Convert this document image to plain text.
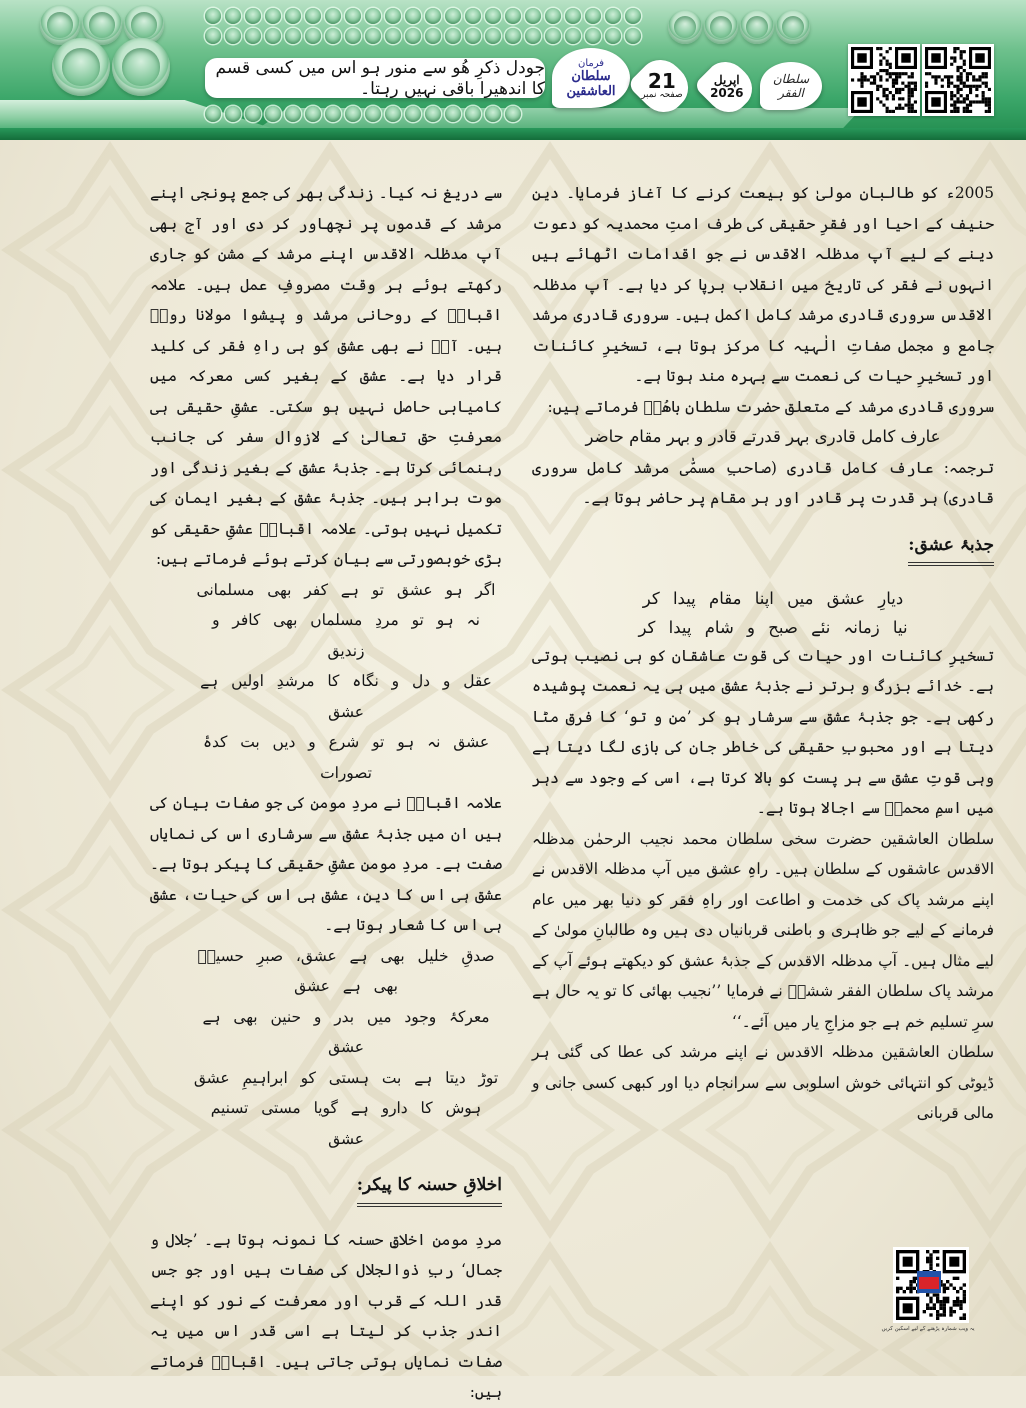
جودل ذکرِ ھُو سے منور ہو اس میں کسی قسم کا اندھیرا باقی نہیں رہتا۔
فرمان
سلطان العاشقین	21
صفحہ نمبر
اپریل
2026
سلطان الفقر

2005ء کو طالبانِ مولیٰ کو بیعت کرنے کا آغاز فرمایا۔ دینِ حنیف کے احیا اور فقرِ حقیقی کی طرف امتِ محمدیہ کو دعوت دینے کے لیے آپ مدظلہ الاقدس نے جو اقدامات اٹھائے ہیں انہوں نے فقر کی تاریخ میں انقلاب برپا کر دیا ہے۔ آپ مدظلہ الاقدس سروری قادری مرشد کامل اکمل ہیں۔ سروری قادری مرشد جامع و مجمل صفاتِ الٰہیہ کا مرکز ہوتا ہے، تسخیرِ کائنات اور تسخیرِ حیات کی نعمت سے بہرہ مند ہوتا ہے۔

سروری قادری مرشد کے متعلق حضرت سلطان باھُوؒ فرماتے ہیں:

عارف کامل قادری بہر قدرتے قادر و بہر مقام حاضر

ترجمہ: عارف کامل قادری (صاحبِ مسمّٰی مرشد کامل سروری قادری) ہر قدرت پر قادر اور ہر مقام پر حاضر ہوتا ہے۔

جذبۂ عشق:

دیارِ عشق میں اپنا مقام پیدا کر

نیا زمانہ نئے صبح و شام پیدا کر

تسخیرِ کائنات اور حیات کی قوت عاشقان کو ہی نصیب ہوتی ہے۔ خدائے بزرگ و برتر نے جذبۂ عشق میں ہی یہ نعمت پوشیدہ رکھی ہے۔ جو جذبۂ عشق سے سرشار ہو کر ’من و تو‘ کا فرق مٹا دیتا ہے اور محبوبِ حقیقی کی خاطر جان کی بازی لگا دیتا ہے وہی قوتِ عشق سے ہر پست کو بالا کرتا ہے، اسی کے وجود سے دہر میں اسمِ محمدؐ سے اجالا ہوتا ہے۔

سلطان العاشقین حضرت سخی سلطان محمد نجیب الرحمٰن مدظلہ الاقدس عاشقوں کے سلطان ہیں۔ راہِ عشق میں آپ مدظلہ الاقدس نے اپنے مرشد پاک کی خدمت و اطاعت اور راہِ فقر کو دنیا بھر میں عام فرمانے کے لیے جو ظاہری و باطنی قربانیاں دی ہیں وہ طالبانِ مولیٰ کے لیے مثال ہیں۔ آپ مدظلہ الاقدس کے جذبۂ عشق کو دیکھتے ہوئے آپ کے مرشد پاک سلطان الفقر ششمؒ نے فرمایا ’’نجیب بھائی کا تو یہ حال ہے سرِ تسلیم خم ہے جو مزاجِ یار میں آئے۔‘‘

سلطان العاشقین مدظلہ الاقدس نے اپنے مرشد کی عطا کی گئی ہر ڈیوٹی کو انتہائی خوش اسلوبی سے سرانجام دیا اور کبھی کسی جانی و مالی قربانی

سے دریغ نہ کیا۔ زندگی بھر کی جمع پونجی اپنے مرشد کے قدموں پر نچھاور کر دی اور آج بھی آپ مدظلہ الاقدس اپنے مرشد کے مشن کو جاری رکھتے ہوئے ہر وقت مصروفِ عمل ہیں۔ علامہ اقبالؒ کے روحانی مرشد و پیشوا مولانا رومؒ ہیں۔ آپؒ نے بھی عشق کو ہی راہِ فقر کی کلید قرار دیا ہے۔ عشق کے بغیر کسی معرکہ میں کامیابی حاصل نہیں ہو سکتی۔ عشقِ حقیقی ہی معرفتِ حق تعالیٰ کے لازوال سفر کی جانب رہنمائی کرتا ہے۔ جذبۂ عشق کے بغیر زندگی اور موت برابر ہیں۔ جذبۂ عشق کے بغیر ایمان کی تکمیل نہیں ہوتی۔ علامہ اقبالؒ عشقِ حقیقی کو بڑی خوبصورتی سے بیان کرتے ہوئے فرماتے ہیں:

اگر ہو عشق تو ہے کفر بھی مسلمانی

نہ ہو تو مردِ مسلماں بھی کافر و زندیق

عقل و دل و نگاہ کا مرشدِ اولیں ہے عشق

عشق نہ ہو تو شرع و دیں بت کدۂ تصورات

علامہ اقبالؒ نے مردِ مومن کی جو صفات بیان کی ہیں ان میں جذبۂ عشق سے سرشاری اس کی نمایاں صفت ہے۔ مردِ مومن عشقِ حقیقی کا پیکر ہوتا ہے۔ عشق ہی اس کا دین، عشق ہی اس کی حیات، عشق ہی اس کا شعار ہوتا ہے۔

صدقِ خلیل بھی ہے عشق، صبرِ حسینؓ بھی ہے عشق

معرکۂ وجود میں بدر و حنین بھی ہے عشق

توڑ دیتا ہے بت ہستی کو ابراہیمِ عشق

ہوش کا دارو ہے گویا مستی تسنیم عشق

اخلاقِ حسنہ کا پیکر:

مردِ مومن اخلاقِ حسنہ کا نمونہ ہوتا ہے۔ ’جلال و جمال‘ ربِ ذوالجلال کی صفات ہیں اور جو جس قدر اللہ کے قرب اور معرفت کے نور کو اپنے اندر جذب کر لیتا ہے اسی قدر اس میں یہ صفات نمایاں ہوتی جاتی ہیں۔ اقبالؒ فرماتے ہیں:

یہ ویب شمارہ پڑھنے کے لیے اسکین کریں
